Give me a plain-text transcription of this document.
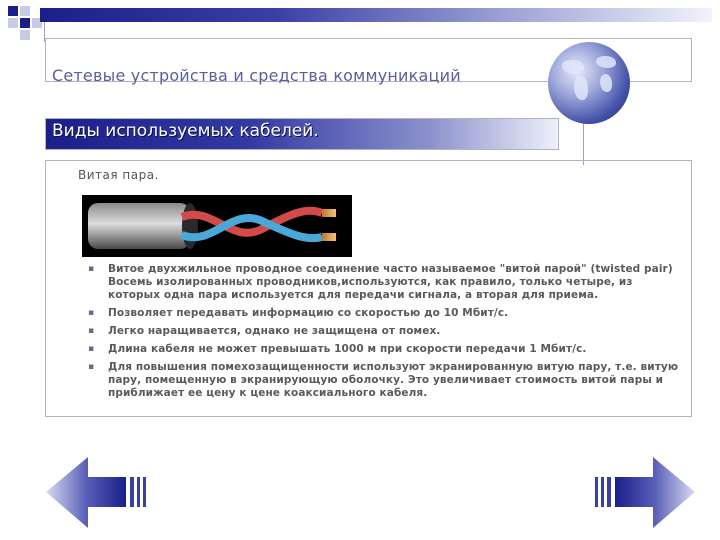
Сетевые устройства и средства коммуникаций
Виды используемых кабелей.
Витая пара.
▪ Витое двухжильное проводное соединение часто называемое "витой парой" (twisted pair) Восемь изолированных проводников,используются, как правило, только четыре, из которых одна пара используется для передачи сигнала, а вторая для приема.
▪ Позволяет передавать информацию со скоростью до 10 Мбит/с.
▪ Легко наращивается, однако не защищена от помех.
▪ Длина кабеля не может превышать 1000 м при скорости передачи 1 Мбит/с.
▪ Для повышения помехозащищенности используют экранированную витую пару, т.е. витую пару, помещенную в экранирующую оболочку. Это увеличивает стоимость витой пары и приближает ее цену к цене коаксиального кабеля.
